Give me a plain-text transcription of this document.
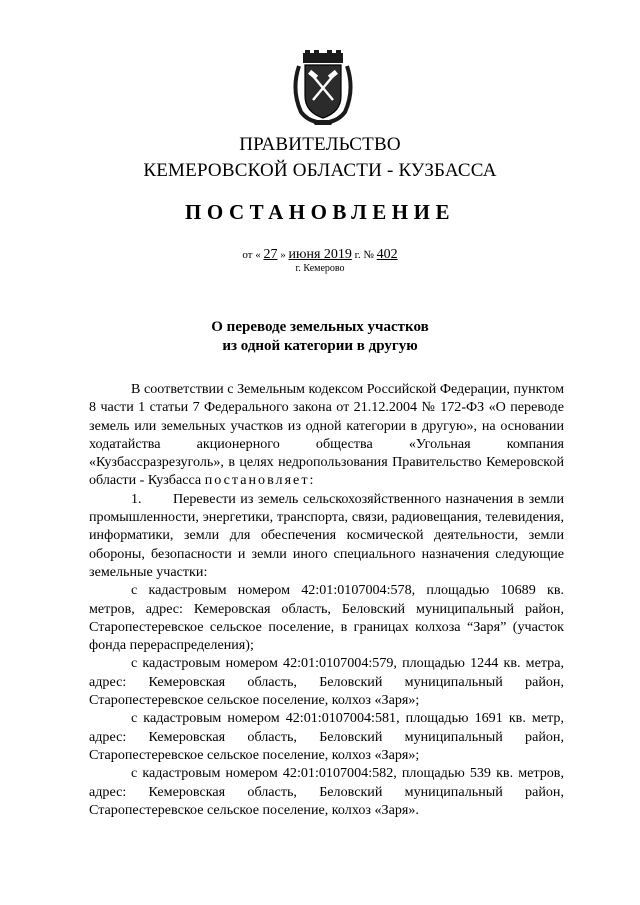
ПРАВИТЕЛЬСТВО
КЕМЕРОВСКОЙ ОБЛАСТИ - КУЗБАССА
ПОСТАНОВЛЕНИЕ
от « 27 » июня 2019 г. № 402
г. Кемерово
О переводе земельных участков
из одной категории в другую

В соответствии с Земельным кодексом Российской Федерации, пунктом 8 части 1 статьи 7 Федерального закона от 21.12.2004 № 172-ФЗ «О переводе земель или земельных участков из одной категории в другую», на основании ходатайства акционерного общества «Угольная компания «Кузбассразрезуголь», в целях недропользования Правительство Кемеровской области - Кузбасса постановляет:

1.       Перевести из земель сельскохозяйственного назначения в земли промышленности, энергетики, транспорта, связи, радиовещания, телевидения, информатики, земли для обеспечения космической деятельности, земли обороны, безопасности и земли иного специального назначения следующие земельные участки:

с кадастровым номером 42:01:0107004:578, площадью 10689 кв. метров, адрес: Кемеровская область, Беловский муниципальный район, Старопестеревское сельское поселение, в границах колхоза “Заря” (участок фонда перераспределения);

с кадастровым номером 42:01:0107004:579, площадью 1244 кв. метра, адрес: Кемеровская область, Беловский муниципальный район, Старопестеревское сельское поселение, колхоз «Заря»;

с кадастровым номером 42:01:0107004:581, площадью 1691 кв. метр, адрес: Кемеровская область, Беловский муниципальный район, Старопестеревское сельское поселение, колхоз «Заря»;

с кадастровым номером 42:01:0107004:582, площадью 539 кв. метров, адрес: Кемеровская область, Беловский муниципальный район, Старопестеревское сельское поселение, колхоз «Заря».
